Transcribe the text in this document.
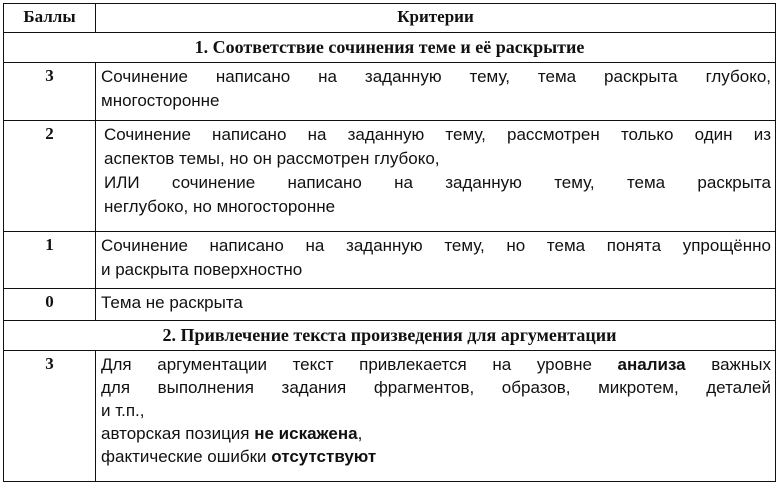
Баллы	Критерии
1. Соответствие сочинения теме и её раскрытие
3	Сочинение написано на заданную тему, тема раскрыта глубоко,
многосторонне
2	Сочинение написано на заданную тему, рассмотрен только один из
аспектов темы, но он рассмотрен глубоко,
ИЛИ сочинение написано на заданную тему, тема раскрыта
неглубоко, но многосторонне
1	Сочинение написано на заданную тему, но тема понята упрощённо
и раскрыта поверхностно
0	Тема не раскрыта
2. Привлечение текста произведения для аргументации
3	Для аргументации текст привлекается на уровне анализа важных
для выполнения задания фрагментов, образов, микротем, деталей
и т.п.,
авторская позиция не искажена,
фактические ошибки отсутствуют
